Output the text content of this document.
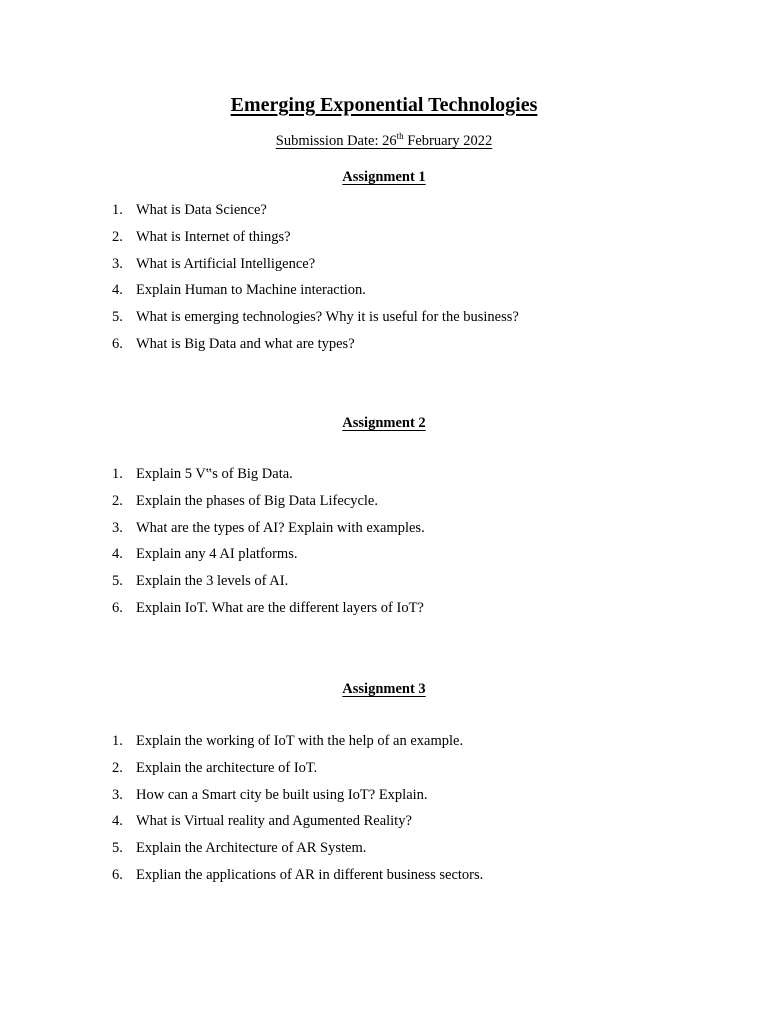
Emerging Exponential Technologies
Submission Date: 26th February 2022
Assignment 1
1. What is Data Science?
2. What is Internet of things?
3. What is Artificial Intelligence?
4. Explain Human to Machine interaction.
5. What is emerging technologies? Why it is useful for the business?
6. What is Big Data and what are types?
Assignment 2
1. Explain 5 V‟s of Big Data.
2. Explain the phases of Big Data Lifecycle.
3. What are the types of AI? Explain with examples.
4. Explain any 4 AI platforms.
5. Explain the 3 levels of AI.
6. Explain IoT. What are the different layers of IoT?
Assignment 3
1. Explain the working of IoT with the help of an example.
2. Explain the architecture of IoT.
3. How can a Smart city be built using IoT? Explain.
4. What is Virtual reality and Agumented Reality?
5. Explain the Architecture of AR System.
6. Explian the applications of AR in different business sectors.
